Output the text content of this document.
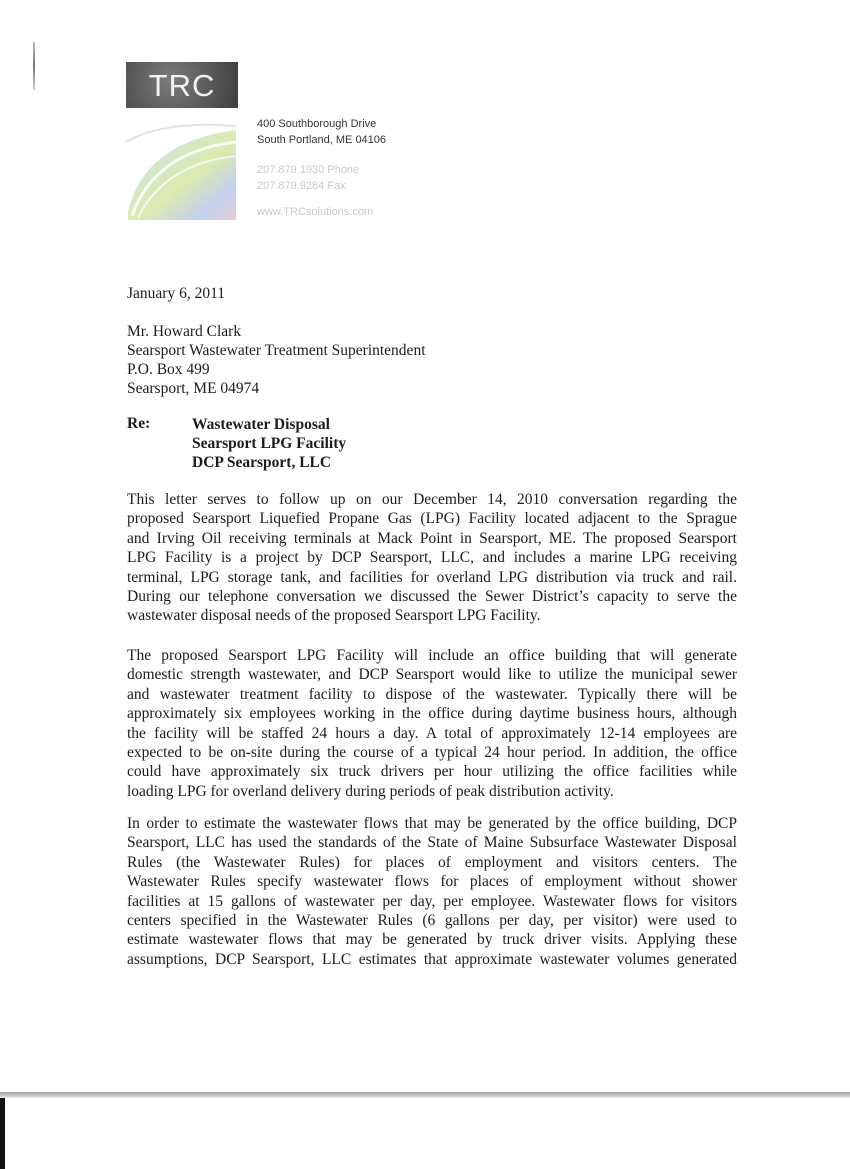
TRC
400 Southborough Drive
South Portland, ME 04106
207.879.1930 Phone
207.879.9284 Fax
www.TRCsolutions.com
January 6, 2011
Mr. Howard Clark
Searsport Wastewater Treatment Superintendent
P.O. Box 499
Searsport, ME 04974
Re:	Wastewater Disposal
Searsport LPG Facility
DCP Searsport, LLC
This letter serves to follow up on our December 14, 2010 conversation regarding the
proposed Searsport Liquefied Propane Gas (LPG) Facility located adjacent to the Sprague
and Irving Oil receiving terminals at Mack Point in Searsport, ME. The proposed Searsport
LPG Facility is a project by DCP Searsport, LLC, and includes a marine LPG receiving
terminal, LPG storage tank, and facilities for overland LPG distribution via truck and rail.
During our telephone conversation we discussed the Sewer District’s capacity to serve the
wastewater disposal needs of the proposed Searsport LPG Facility.
The proposed Searsport LPG Facility will include an office building that will generate
domestic strength wastewater, and DCP Searsport would like to utilize the municipal sewer
and wastewater treatment facility to dispose of the wastewater. Typically there will be
approximately six employees working in the office during daytime business hours, although
the facility will be staffed 24 hours a day. A total of approximately 12-14 employees are
expected to be on-site during the course of a typical 24 hour period. In addition, the office
could have approximately six truck drivers per hour utilizing the office facilities while
loading LPG for overland delivery during periods of peak distribution activity.
In order to estimate the wastewater flows that may be generated by the office building, DCP
Searsport, LLC has used the standards of the State of Maine Subsurface Wastewater Disposal
Rules (the Wastewater Rules) for places of employment and visitors centers. The
Wastewater Rules specify wastewater flows for places of employment without shower
facilities at 15 gallons of wastewater per day, per employee. Wastewater flows for visitors
centers specified in the Wastewater Rules (6 gallons per day, per visitor) were used to
estimate wastewater flows that may be generated by truck driver visits. Applying these
assumptions, DCP Searsport, LLC estimates that approximate wastewater volumes generated
